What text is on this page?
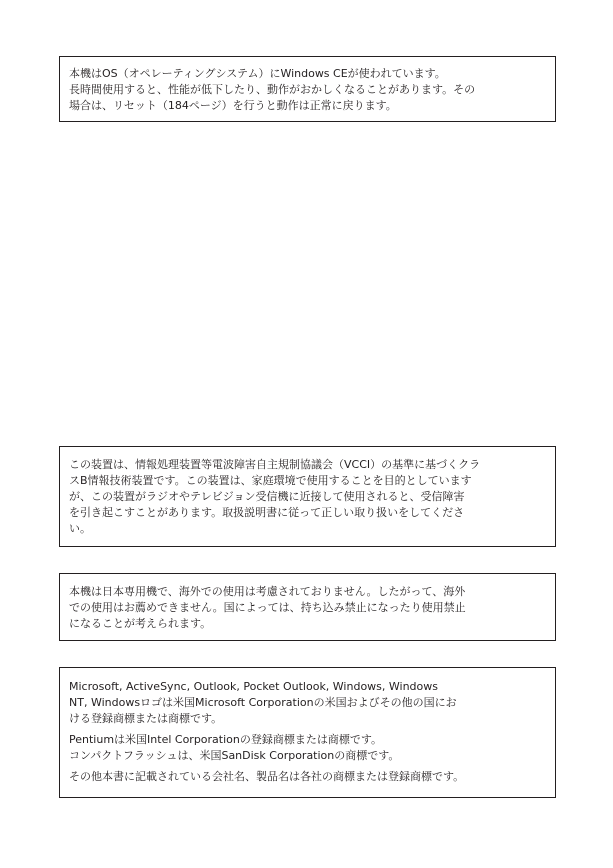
本機はOS（オペレーティングシステム）にWindows CEが使われています。
長時間使用すると、性能が低下したり、動作がおかしくなることがあります。その
場合は、リセット（184ページ）を行うと動作は正常に戻ります。

この装置は、情報処理装置等電波障害自主規制協議会（VCCI）の基準に基づくクラ
スB情報技術装置です。この装置は、家庭環境で使用することを目的としています
が、この装置がラジオやテレビジョン受信機に近接して使用されると、受信障害
を引き起こすことがあります。取扱説明書に従って正しい取り扱いをしてくださ
い。

本機は日本専用機で、海外での使用は考慮されておりません。したがって、海外
での使用はお薦めできません。国によっては、持ち込み禁止になったり使用禁止
になることが考えられます。

Microsoft, ActiveSync, Outlook, Pocket Outlook, Windows, Windows
NT, Windowsロゴは米国Microsoft Corporationの米国およびその他の国にお
ける登録商標または商標です。

Pentiumは米国Intel Corporationの登録商標または商標です。
コンパクトフラッシュは、米国SanDisk Corporationの商標です。

その他本書に記載されている会社名、製品名は各社の商標または登録商標です。
